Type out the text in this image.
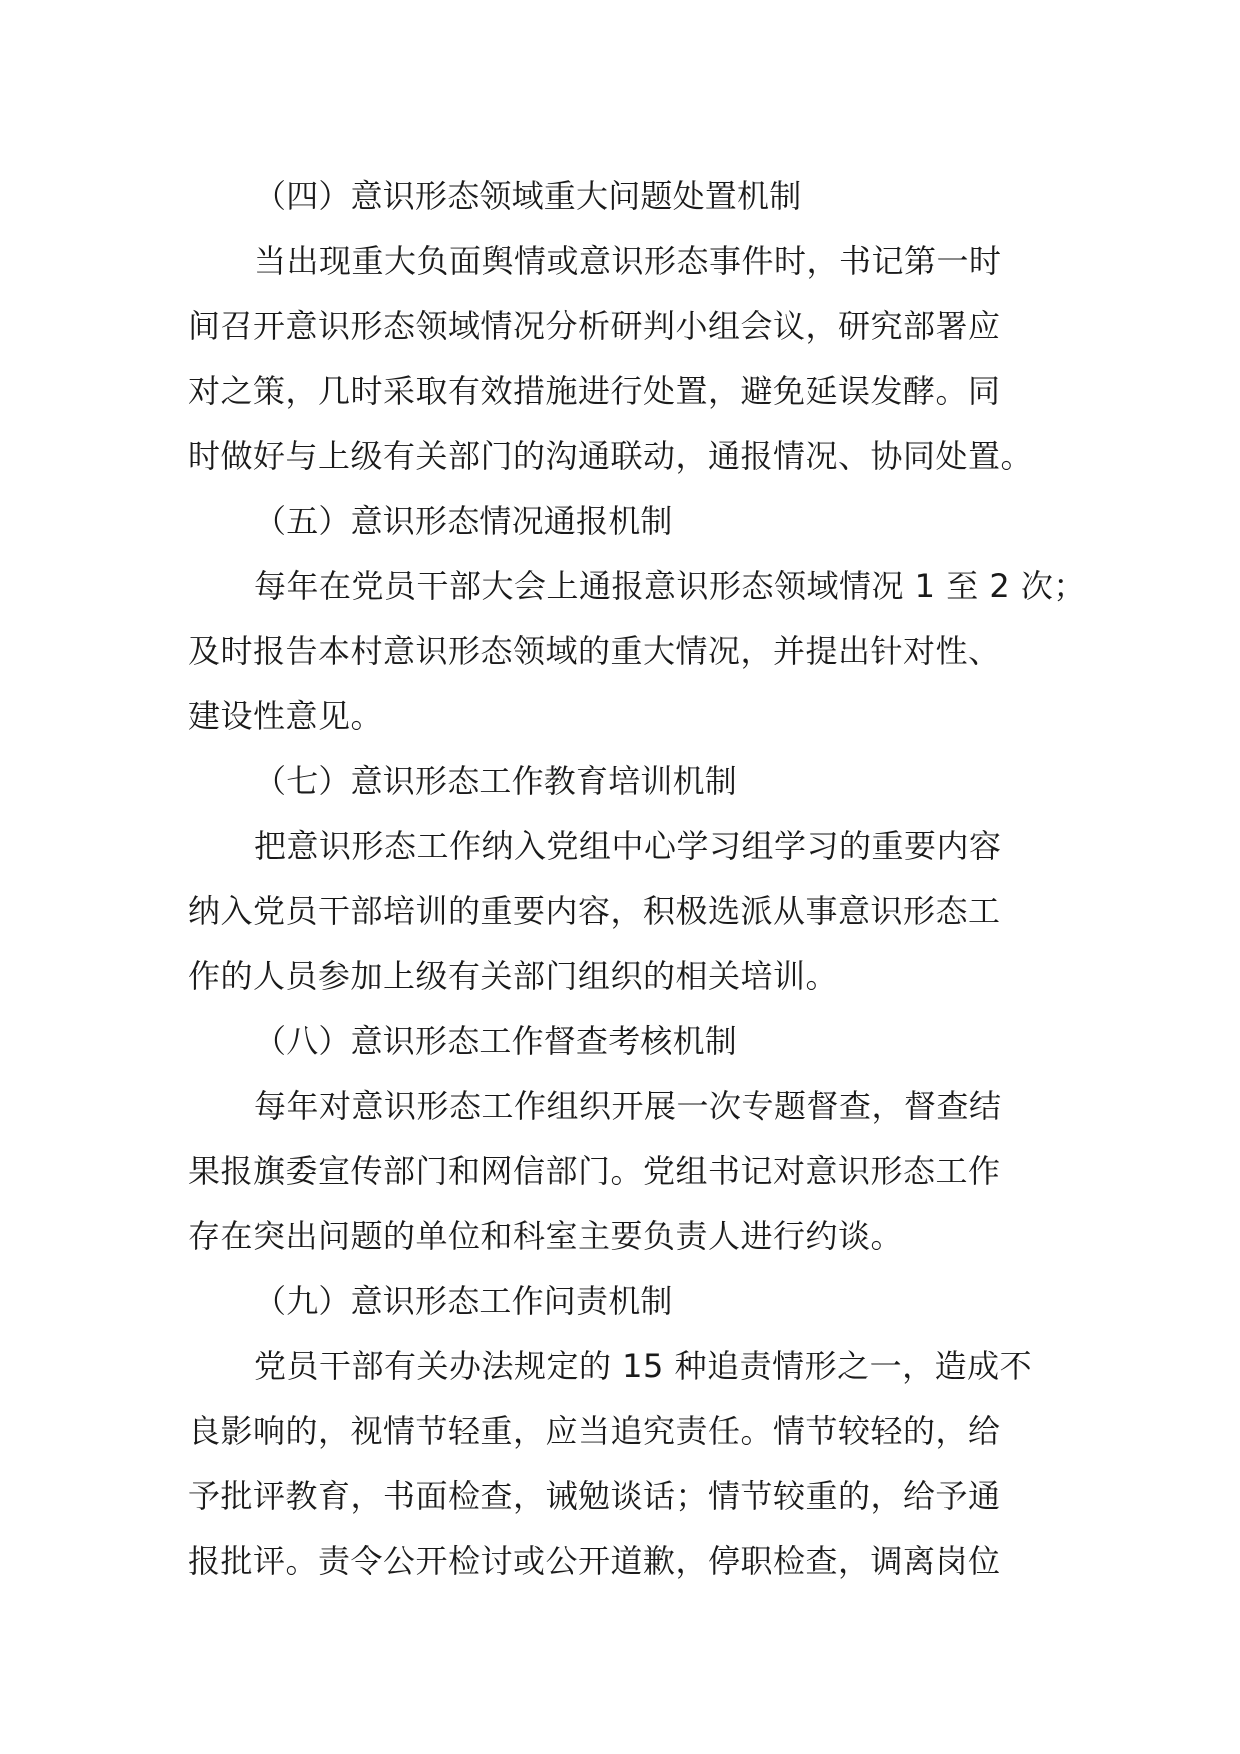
（四）意识形态领域重大问题处置机制
当出现重大负面舆情或意识形态事件时，书记第一时
间召开意识形态领域情况分析研判小组会议，研究部署应
对之策，几时采取有效措施进行处置，避免延误发酵。同
时做好与上级有关部门的沟通联动，通报情况、协同处置。
（五）意识形态情况通报机制
每年在党员干部大会上通报意识形态领域情况 1 至 2 次；
及时报告本村意识形态领域的重大情况，并提出针对性、
建设性意见。
（七）意识形态工作教育培训机制
把意识形态工作纳入党组中心学习组学习的重要内容
纳入党员干部培训的重要内容，积极选派从事意识形态工
作的人员参加上级有关部门组织的相关培训。
（八）意识形态工作督查考核机制
每年对意识形态工作组织开展一次专题督查，督查结
果报旗委宣传部门和网信部门。党组书记对意识形态工作
存在突出问题的单位和科室主要负责人进行约谈。
（九）意识形态工作问责机制
党员干部有关办法规定的 15 种追责情形之一，造成不
良影响的，视情节轻重，应当追究责任。情节较轻的，给
予批评教育，书面检查，诫勉谈话；情节较重的，给予通
报批评。责令公开检讨或公开道歉，停职检查，调离岗位
